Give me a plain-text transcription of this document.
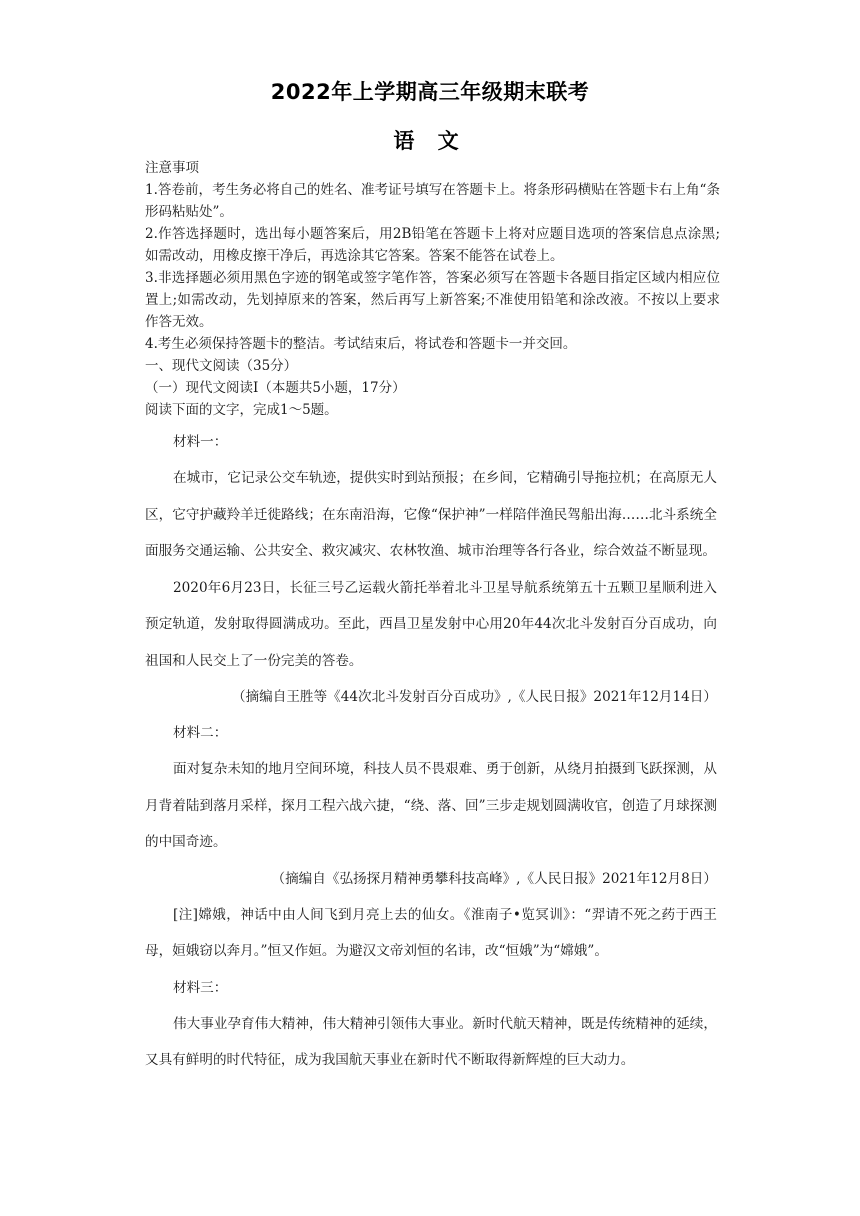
2022年上学期高三年级期末联考
语 文

注意事项

1.答卷前，考生务必将自己的姓名、准考证号填写在答题卡上。将条形码横贴在答题卡右上角“条形码粘贴处”。

2.作答选择题时，选出每小题答案后，用2B铅笔在答题卡上将对应题目选项的答案信息点涂黑;如需改动，用橡皮擦干净后，再选涂其它答案。答案不能答在试卷上。

3.非选择题必须用黑色字迹的钢笔或签字笔作答，答案必须写在答题卡各题目指定区域内相应位置上;如需改动，先划掉原来的答案，然后再写上新答案;不准使用铅笔和涂改液。不按以上要求作答无效。

4.考生必须保持答题卡的整洁。考试结束后，将试卷和答题卡一并交回。

一、现代文阅读（35分）

（一）现代文阅读Ⅰ（本题共5小题，17分）

阅读下面的文字，完成1～5题。

材料一：

在城市，它记录公交车轨迹，提供实时到站预报；在乡间，它精确引导拖拉机；在高原无人区，它守护藏羚羊迁徙路线；在东南沿海，它像“保护神”一样陪伴渔民驾船出海……北斗系统全面服务交通运输、公共安全、救灾减灾、农林牧渔、城市治理等各行各业，综合效益不断显现。

2020年6月23日，长征三号乙运载火箭托举着北斗卫星导航系统第五十五颗卫星顺利进入预定轨道，发射取得圆满成功。至此，西昌卫星发射中心用20年44次北斗发射百分百成功，向祖国和人民交上了一份完美的答卷。

（摘编自王胜等《44次北斗发射百分百成功》,《人民日报》2021年12月14日）

材料二：

面对复杂未知的地月空间环境，科技人员不畏艰难、勇于创新，从绕月拍摄到飞跃探测，从月背着陆到落月采样，探月工程六战六捷，“绕、落、回”三步走规划圆满收官，创造了月球探测的中国奇迹。

（摘编自《弘扬探月精神勇攀科技高峰》,《人民日报》2021年12月8日）

[注]嫦娥，神话中由人间飞到月亮上去的仙女。《淮南子•览冥训》：“羿请不死之药于西王母，姮娥窃以奔月。”恒又作姮。为避汉文帝刘恒的名讳，改“恒娥”为“嫦娥”。

材料三：

伟大事业孕育伟大精神，伟大精神引领伟大事业。新时代航天精神，既是传统精神的延续，又具有鲜明的时代特征，成为我国航天事业在新时代不断取得新辉煌的巨大动力。
